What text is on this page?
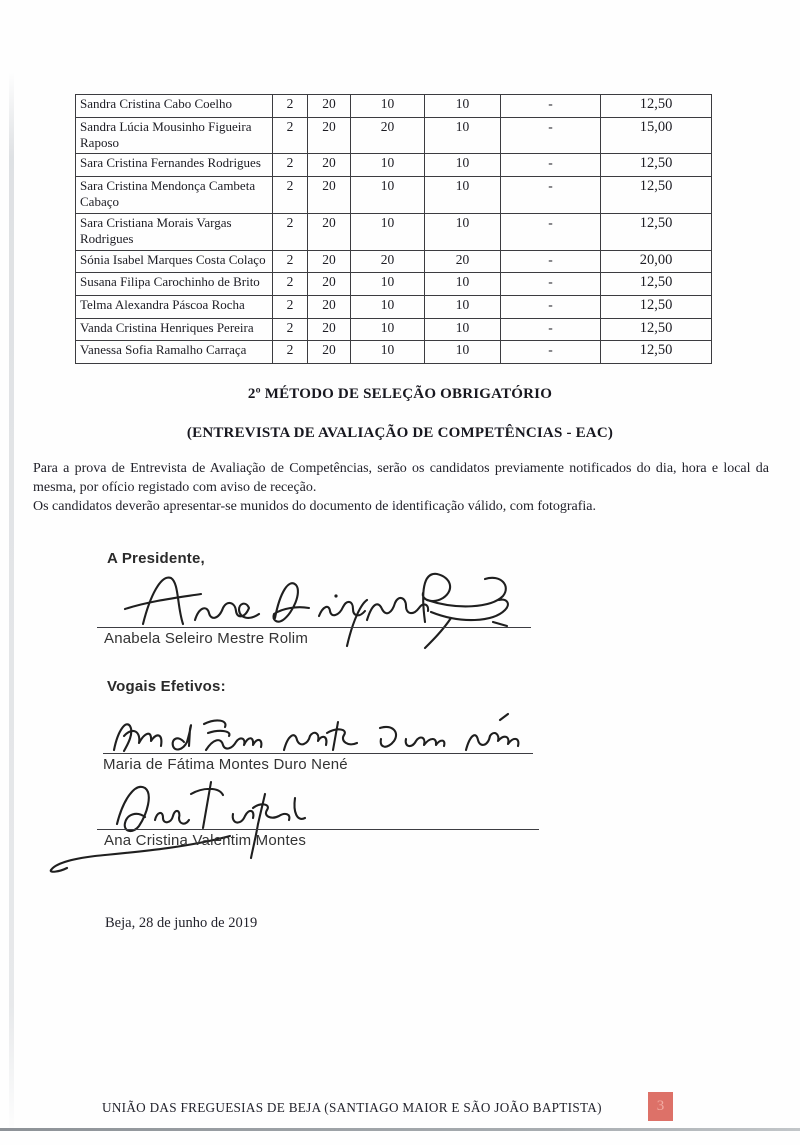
Sandra Cristina Cabo Coelho	2	20	10	10	-	12,50
Sandra Lúcia Mousinho Figueira Raposo	2	20	20	10	-	15,00
Sara Cristina Fernandes Rodrigues	2	20	10	10	-	12,50
Sara Cristina Mendonça Cambeta Cabaço	2	20	10	10	-	12,50
Sara Cristiana Morais Vargas Rodrigues	2	20	10	10	-	12,50
Sónia Isabel Marques Costa Colaço	2	20	20	20	-	20,00
Susana Filipa Carochinho de Brito	2	20	10	10	-	12,50
Telma Alexandra Páscoa Rocha	2	20	10	10	-	12,50
Vanda Cristina Henriques Pereira	2	20	10	10	-	12,50
Vanessa Sofia Ramalho Carraça	2	20	10	10	-	12,50
2º MÉTODO DE SELEÇÃO OBRIGATÓRIO
(ENTREVISTA DE AVALIAÇÃO DE COMPETÊNCIAS - EAC)

Para a prova de Entrevista de Avaliação de Competências, serão os candidatos previamente notificados do dia, hora e local da mesma, por ofício registado com aviso de receção.

Os candidatos deverão apresentar-se munidos do documento de identificação válido, com fotografia.

A Presidente,
Anabela Seleiro Mestre Rolim
Vogais Efetivos:
Maria de Fátima Montes Duro Nené
Ana Cristina Valentim Montes
Beja, 28 de junho de 2019
UNIÃO DAS FREGUESIAS DE BEJA (SANTIAGO MAIOR E SÃO JOÃO BAPTISTA)	3
